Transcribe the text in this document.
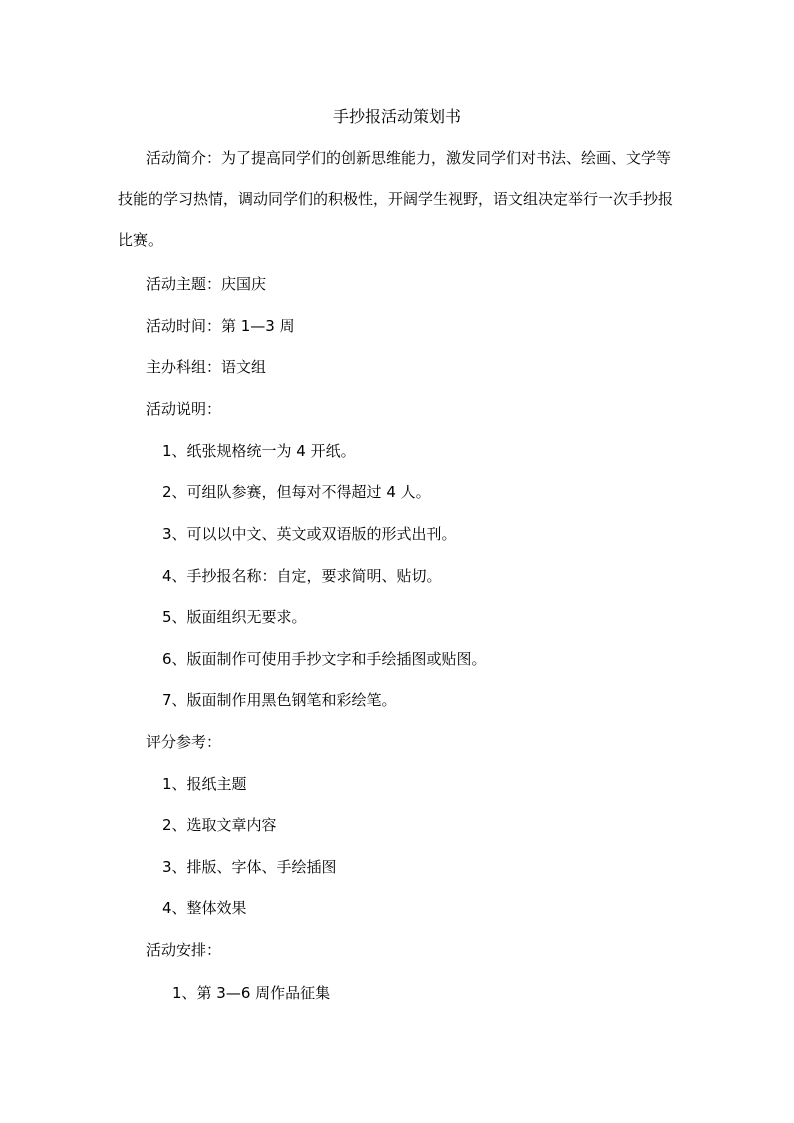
手抄报活动策划书

活动简介：为了提高同学们的创新思维能力，激发同学们对书法、绘画、文学等技能的学习热情，调动同学们的积极性，开阔学生视野，语文组决定举行一次手抄报比赛。

活动主题：庆国庆
活动时间：第 1—3 周
主办科组：语文组
活动说明：
1、纸张规格统一为 4 开纸。
2、可组队参赛，但每对不得超过 4 人。
3、可以以中文、英文或双语版的形式出刊。
4、手抄报名称：自定，要求简明、贴切。
5、版面组织无要求。
6、版面制作可使用手抄文字和手绘插图或贴图。
7、版面制作用黑色钢笔和彩绘笔。
评分参考：
1、报纸主题
2、选取文章内容
3、排版、字体、手绘插图
4、整体效果
活动安排：
1、第 3—6 周作品征集
